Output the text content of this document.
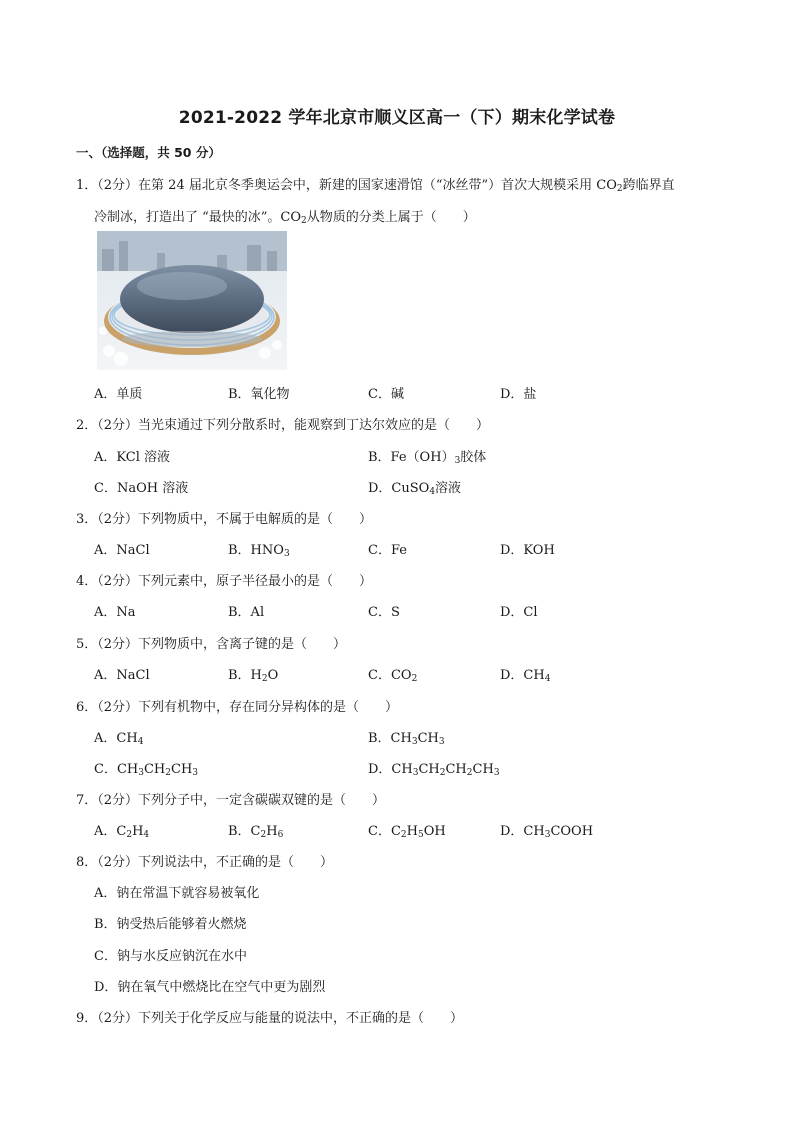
2021-2022 学年北京市顺义区高一（下）期末化学试卷
一、（选择题，共 50 分）
1．（2分）在第 24 届北京冬季奥运会中，新建的国家速滑馆（“冰丝带”）首次大规模采用 $CO_2$跨临界直
冷制冰，打造出了 “最快的冰”。$CO_2$从物质的分类上属于（　　）
A．单质	B．氧化物	C．碱	D．盐
2．（2分）当光束通过下列分散系时，能观察到丁达尔效应的是（　　）
A．KCl 溶液	B．$Fe(OH)_3$胶体
C．NaOH 溶液	D．CuSO$_4$溶液
3．（2分）下列物质中，不属于电解质的是（　　）
A．NaCl	B．$HNO_3$	C．Fe	D．KOH
4．（2分）下列元素中，原子半径最小的是（　　）
A．Na	B．Al	C．S	D．Cl
5．（2分）下列物质中，含离子键的是（　　）
A．NaCl	B．$H_2O$	C．$CO_2$	D．$CH_4$
6．（2分）下列有机物中，存在同分异构体的是（　　）
A．$CH_4$	B．$CH_3CH_3$
C．$CH_3CH_2CH_3$	D．$CH_3CH_2CH_2CH_3$
7．（2分）下列分子中，一定含碳碳双键的是（　　）
A．$C_2H_4$	B．$C_2H_6$	C．$C_2H_5OH$	D．$CH_3COOH$
8．（2分）下列说法中，不正确的是（　　）
A．钠在常温下就容易被氧化
B．钠受热后能够着火燃烧
C．钠与水反应钠沉在水中
D．钠在氧气中燃烧比在空气中更为剧烈
9．（2分）下列关于化学反应与能量的说法中，不正确的是（　　）
